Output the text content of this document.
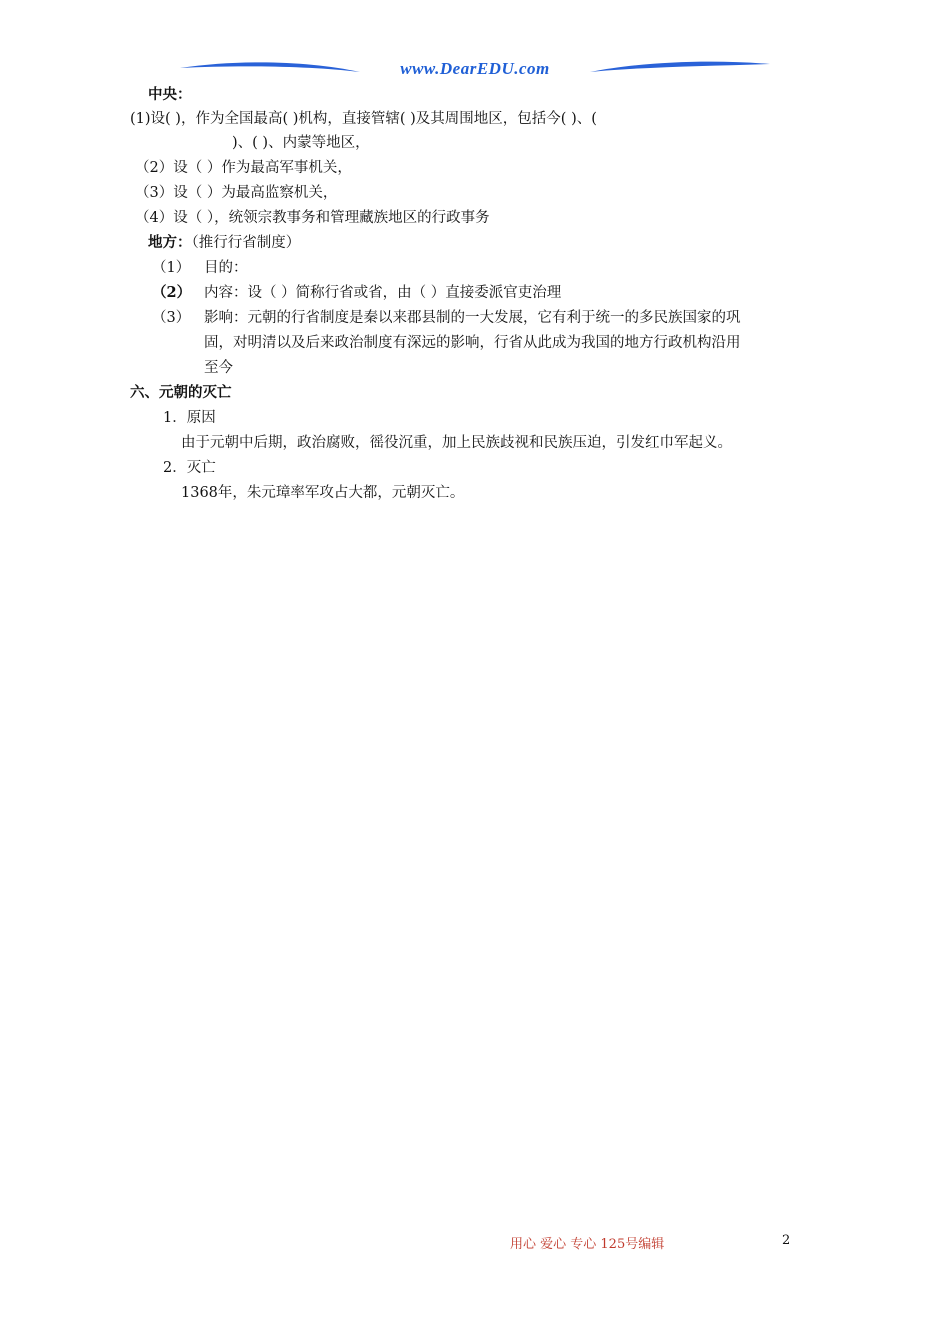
www.DearEDU.com
中央：
(1)设( )，作为全国最高( )机构，直接管辖( )及其周围地区，包括今( )、(
)、( )、内蒙等地区，
（2）设（ ）作为最高军事机关，
（3）设（ ）为最高监察机关，
（4）设（ ），统领宗教事务和管理藏族地区的行政事务
地方：（推行行省制度）
（1） 目的：
（2） 内容：设（ ）简称行省或省，由（ ）直接委派官吏治理
（3） 影响：元朝的行省制度是秦以来郡县制的一大发展，它有利于统一的多民族国家的巩
固，对明清以及后来政治制度有深远的影响，行省从此成为我国的地方行政机构沿用
至今
六、元朝的灭亡
1．原因
由于元朝中后期，政治腐败，徭役沉重，加上民族歧视和民族压迫，引发红巾军起义。
2．灭亡
1368年，朱元璋率军攻占大都，元朝灭亡。
用心 爱心 专心 125号编辑	2
